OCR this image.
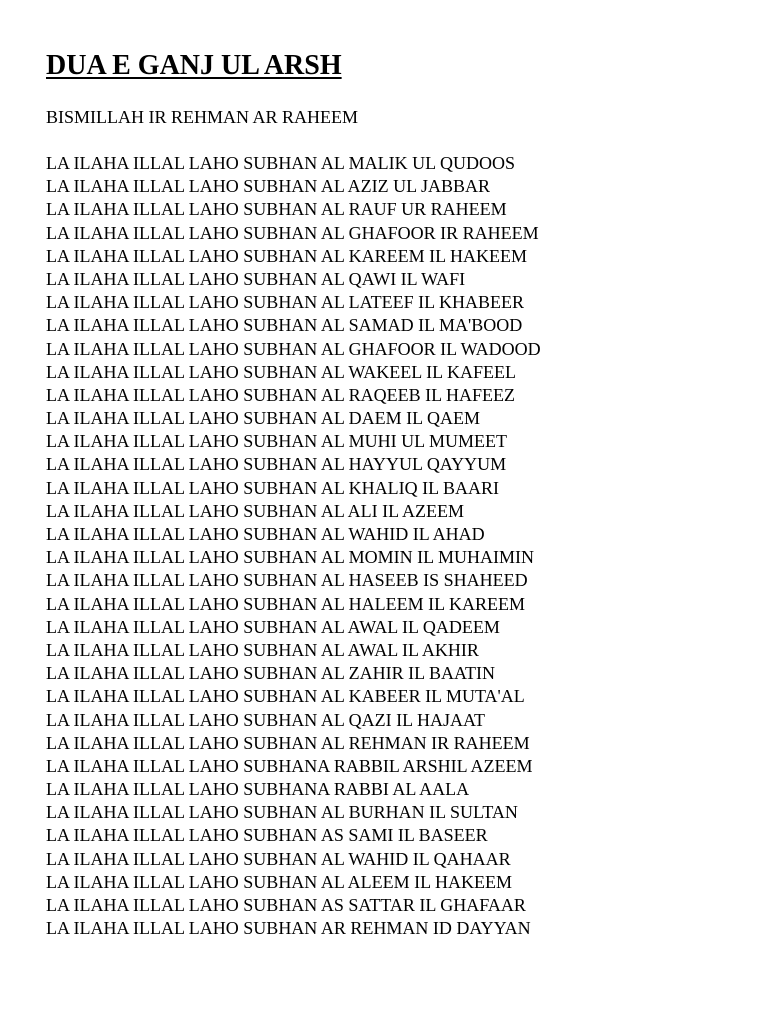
DUA E GANJ UL ARSH

BISMILLAH IR REHMAN AR RAHEEM

LA ILAHA ILLAL LAHO SUBHAN AL MALIK UL QUDOOS
LA ILAHA ILLAL LAHO SUBHAN AL AZIZ UL JABBAR
LA ILAHA ILLAL LAHO SUBHAN AL RAUF UR RAHEEM
LA ILAHA ILLAL LAHO SUBHAN AL GHAFOOR IR RAHEEM
LA ILAHA ILLAL LAHO SUBHAN AL KAREEM IL HAKEEM
LA ILAHA ILLAL LAHO SUBHAN AL QAWI IL WAFI
LA ILAHA ILLAL LAHO SUBHAN AL LATEEF IL KHABEER
LA ILAHA ILLAL LAHO SUBHAN AL SAMAD IL MA'BOOD
LA ILAHA ILLAL LAHO SUBHAN AL GHAFOOR IL WADOOD
LA ILAHA ILLAL LAHO SUBHAN AL WAKEEL IL KAFEEL
LA ILAHA ILLAL LAHO SUBHAN AL RAQEEB IL HAFEEZ
LA ILAHA ILLAL LAHO SUBHAN AL DAEM IL QAEM
LA ILAHA ILLAL LAHO SUBHAN AL MUHI UL MUMEET
LA ILAHA ILLAL LAHO SUBHAN AL HAYYUL QAYYUM
LA ILAHA ILLAL LAHO SUBHAN AL KHALIQ IL BAARI
LA ILAHA ILLAL LAHO SUBHAN AL ALI IL AZEEM
LA ILAHA ILLAL LAHO SUBHAN AL WAHID IL AHAD
LA ILAHA ILLAL LAHO SUBHAN AL MOMIN IL MUHAIMIN
LA ILAHA ILLAL LAHO SUBHAN AL HASEEB IS SHAHEED
LA ILAHA ILLAL LAHO SUBHAN AL HALEEM IL KAREEM
LA ILAHA ILLAL LAHO SUBHAN AL AWAL IL QADEEM
LA ILAHA ILLAL LAHO SUBHAN AL AWAL IL AKHIR
LA ILAHA ILLAL LAHO SUBHAN AL ZAHIR IL BAATIN
LA ILAHA ILLAL LAHO SUBHAN AL KABEER IL MUTA'AL
LA ILAHA ILLAL LAHO SUBHAN AL QAZI IL HAJAAT
LA ILAHA ILLAL LAHO SUBHAN AL REHMAN IR RAHEEM
LA ILAHA ILLAL LAHO SUBHANA RABBIL ARSHIL AZEEM
LA ILAHA ILLAL LAHO SUBHANA RABBI AL AALA
LA ILAHA ILLAL LAHO SUBHAN AL BURHAN IL SULTAN
LA ILAHA ILLAL LAHO SUBHAN AS SAMI IL BASEER
LA ILAHA ILLAL LAHO SUBHAN AL WAHID IL QAHAAR
LA ILAHA ILLAL LAHO SUBHAN AL ALEEM IL HAKEEM
LA ILAHA ILLAL LAHO SUBHAN AS SATTAR IL GHAFAAR
LA ILAHA ILLAL LAHO SUBHAN AR REHMAN ID DAYYAN
